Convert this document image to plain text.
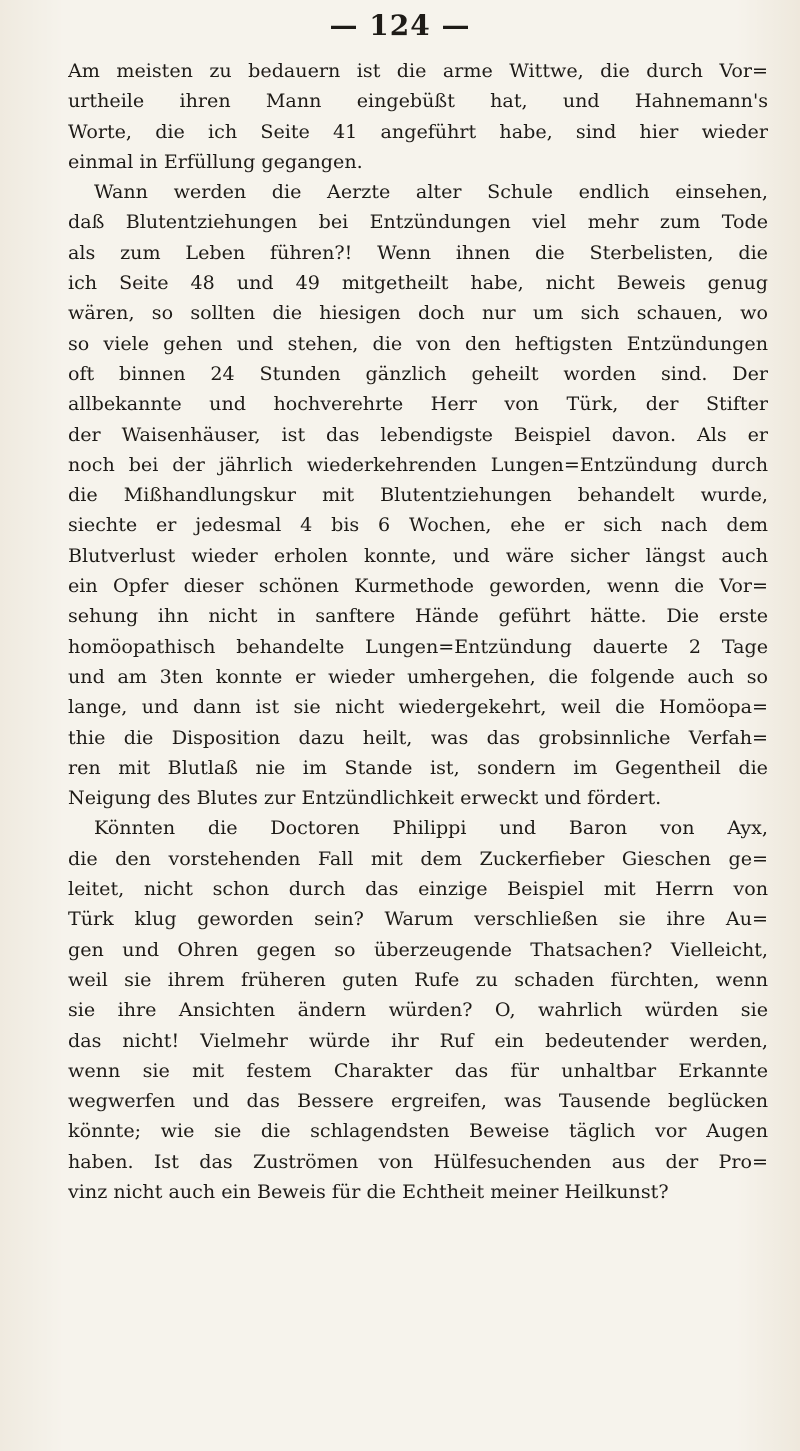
— 124 —
Am meisten zu bedauern ist die arme Wittwe, die durch Vor=
urtheile ihren Mann eingebüßt hat, und Hahnemann's
Worte, die ich Seite 41 angeführt habe, sind hier wieder
einmal in Erfüllung gegangen.
Wann werden die Aerzte alter Schule endlich einsehen,
daß Blutentziehungen bei Entzündungen viel mehr zum Tode
als zum Leben führen?! Wenn ihnen die Sterbelisten, die
ich Seite 48 und 49 mitgetheilt habe, nicht Beweis genug
wären, so sollten die hiesigen doch nur um sich schauen, wo
so viele gehen und stehen, die von den heftigsten Entzündungen
oft binnen 24 Stunden gänzlich geheilt worden sind. Der
allbekannte und hochverehrte Herr von Türk, der Stifter
der Waisenhäuser, ist das lebendigste Beispiel davon. Als er
noch bei der jährlich wiederkehrenden Lungen=Entzündung durch
die Mißhandlungskur mit Blutentziehungen behandelt wurde,
siechte er jedesmal 4 bis 6 Wochen, ehe er sich nach dem
Blutverlust wieder erholen konnte, und wäre sicher längst auch
ein Opfer dieser schönen Kurmethode geworden, wenn die Vor=
sehung ihn nicht in sanftere Hände geführt hätte. Die erste
homöopathisch behandelte Lungen=Entzündung dauerte 2 Tage
und am 3ten konnte er wieder umhergehen, die folgende auch so
lange, und dann ist sie nicht wiedergekehrt, weil die Homöopa=
thie die Disposition dazu heilt, was das grobsinnliche Verfah=
ren mit Blutlaß nie im Stande ist, sondern im Gegentheil die
Neigung des Blutes zur Entzündlichkeit erweckt und fördert.
Könnten die Doctoren Philippi und Baron von Ayx,
die den vorstehenden Fall mit dem Zuckerfieber Gieschen ge=
leitet, nicht schon durch das einzige Beispiel mit Herrn von
Türk klug geworden sein? Warum verschließen sie ihre Au=
gen und Ohren gegen so überzeugende Thatsachen? Vielleicht,
weil sie ihrem früheren guten Rufe zu schaden fürchten, wenn
sie ihre Ansichten ändern würden? O, wahrlich würden sie
das nicht! Vielmehr würde ihr Ruf ein bedeutender werden,
wenn sie mit festem Charakter das für unhaltbar Erkannte
wegwerfen und das Bessere ergreifen, was Tausende beglücken
könnte; wie sie die schlagendsten Beweise täglich vor Augen
haben. Ist das Zuströmen von Hülfesuchenden aus der Pro=
vinz nicht auch ein Beweis für die Echtheit meiner Heilkunst?
